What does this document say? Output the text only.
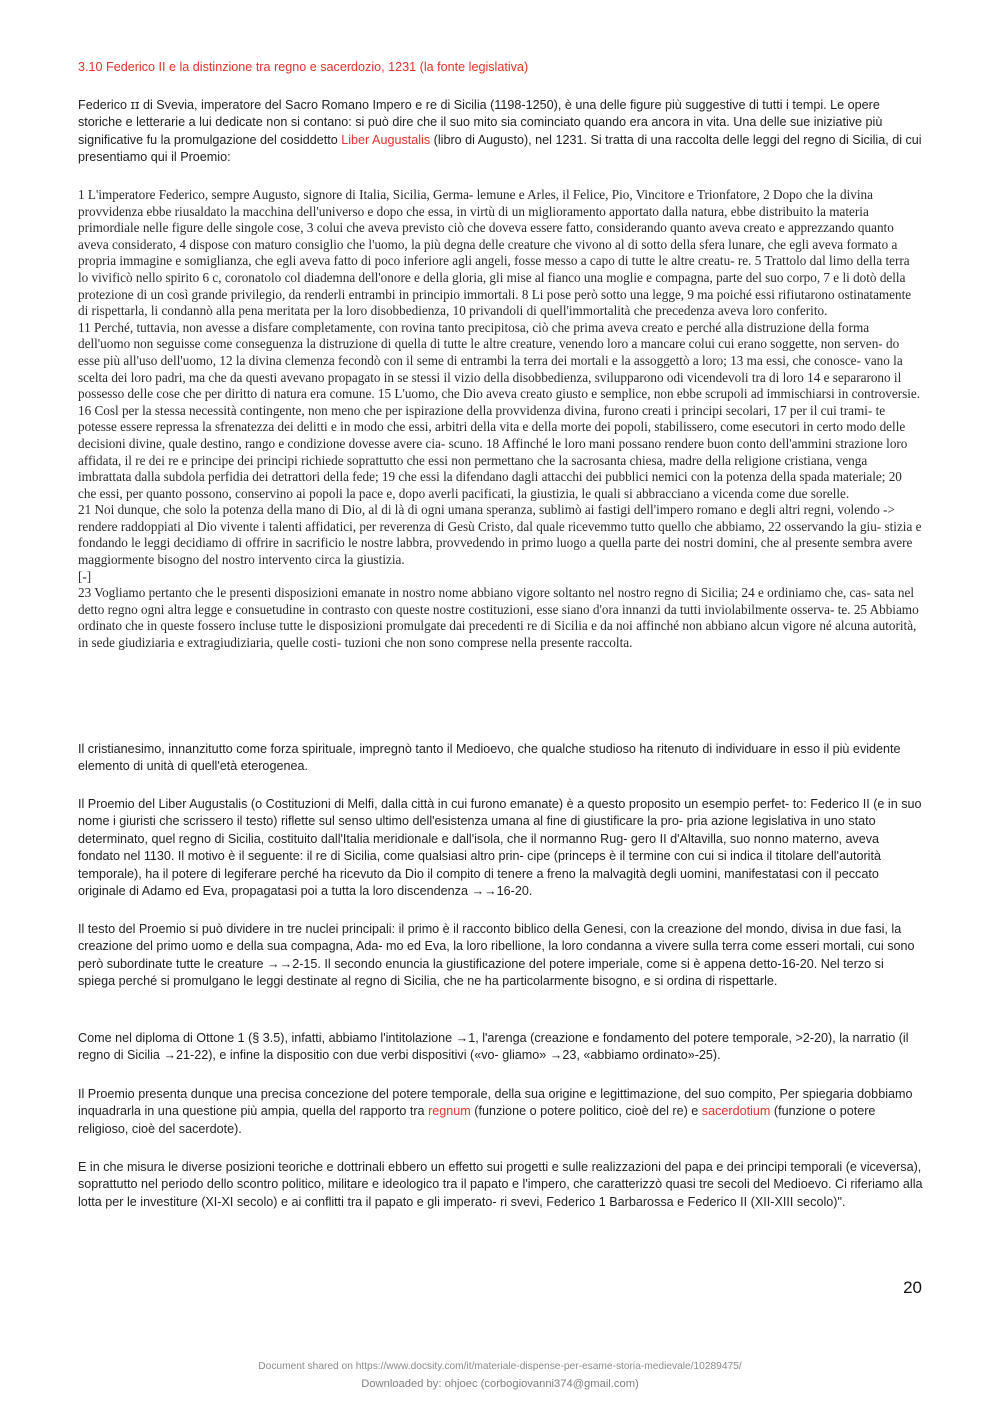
3.10 Federico II e la distinzione tra regno e sacerdozio, 1231 (la fonte legislativa)

Federico ɪɪ di Svevia, imperatore del Sacro Romano Impero e re di Sicilia (1198-1250), è una delle figure più suggestive di tutti i tempi. Le opere storiche e letterarie a lui dedicate non si contano: si può dire che il suo mito sia cominciato quando era ancora in vita. Una delle sue iniziative più significative fu la promulgazione del cosiddetto Liber Augustalis (libro di Augusto), nel 1231. Si tratta di una raccolta delle leggi del regno di Sicilia, di cui presentiamo qui il Proemio:

1 L'imperatore Federico, sempre Augusto, signore di Italia, Sicilia, Germa- lemune e Arles, il Felice, Pio, Vincitore e Trionfatore, 2 Dopo che la divina provvidenza ebbe riusaldato la macchina dell'universo e dopo che essa, in virtù di un miglioramento apportato dalla natura, ebbe distribuito la materia primordiale nelle figure delle singole cose, 3 colui che aveva previsto ciò che doveva essere fatto, considerando quanto aveva creato e apprezzando quanto aveva considerato, 4 dispose con maturo consiglio che l'uomo, la più degna delle creature che vivono al di sotto della sfera lunare, che egli aveva formato a propria immagine e somiglianza, che egli aveva fatto di poco inferiore agli angeli, fosse messo a capo di tutte le altre creatu- re. 5 Trattolo dal limo della terra lo vivificò nello spirito 6 c, coronatolo col diademna dell'onore e della gloria, gli mise al fianco una moglie e compagna, parte del suo corpo, 7 e li dotò della protezione di un così grande privilegio, da renderli entrambi in principio immortali. 8 Li pose però sotto una legge, 9 ma poiché essi rifiutarono ostinatamente di rispettarla, li condannò alla pena meritata per la loro disobbedienza, 10 privandoli di quell'immortalità che precedenza aveva loro conferito.

11 Perché, tuttavia, non avesse a disfare completamente, con rovina tanto precipitosa, ciò che prima aveva creato e perché alla distruzione della forma dell'uomo non seguisse come conseguenza la distruzione di quella di tutte le altre creature, venendo loro a mancare colui cui erano soggette, non serven- do esse più all'uso dell'uomo, 12 la divina clemenza fecondò con il seme di entrambi la terra dei mortali e la assoggettò a loro; 13 ma essi, che conosce- vano la scelta dei loro padri, ma che da questi avevano propagato in se stessi il vizio della disobbedienza, svilupparono odi vicendevoli tra di loro 14 e separarono il possesso delle cose che per diritto di natura era comune. 15 L'uomo, che Dio aveva creato giusto e semplice, non ebbe scrupoli ad immischiarsi in controversie.

16 Cosl per la stessa necessità contingente, non meno che per ispirazione della provvidenza divina, furono creati i principi secolari, 17 per il cui trami- te potesse essere repressa la sfrenatezza dei delitti e in modo che essi, arbitri della vita e della morte dei popoli, stabilissero, come esecutori in certo modo delle decisioni divine, quale destino, rango e condizione dovesse avere cia- scuno. 18 Affinché le loro mani possano rendere buon conto dell'ammini strazione loro affidata, il re dei re e principe dei principi richiede soprattutto che essi non permettano che la sacrosanta chiesa, madre della religione cristiana, venga imbrattata dalla subdola perfidia dei detrattori della fede; 19 che essi la difendano dagli attacchi dei pubblici nemici con la potenza della spada materiale; 20 che essi, per quanto possono, conservino ai popoli la pace e, dopo averli pacificati, la giustizia, le quali si abbracciano a vicenda come due sorelle.

21 Noi dunque, che solo la potenza della mano di Dio, al di là di ogni umana speranza, sublimò ai fastigi dell'impero romano e degli altri regni, volendo -> rendere raddoppiati al Dio vivente i talenti affidatici, per reverenza di Gesù Cristo, dal quale ricevemmo tutto quello che abbiamo, 22 osservando la giu- stizia e fondando le leggi decidiamo di offrire in sacrificio le nostre labbra, provvedendo in primo luogo a quella parte dei nostri domini, che al presente sembra avere maggiormente bisogno del nostro intervento circa la giustizia.

[-]

23 Vogliamo pertanto che le presenti disposizioni emanate in nostro nome abbiano vigore soltanto nel nostro regno di Sicilia; 24 e ordiniamo che, cas- sata nel detto regno ogni altra legge e consuetudine in contrasto con queste nostre costituzioni, esse siano d'ora innanzi da tutti inviolabilmente osserva- te. 25 Abbiamo ordinato che in queste fossero incluse tutte le disposizioni promulgate dai precedenti re di Sicilia e da noi affinché non abbiano alcun vigore né alcuna autorità, in sede giudiziaria e extragiudiziaria, quelle costi- tuzioni che non sono comprese nella presente raccolta.

Il cristianesimo, innanzitutto come forza spirituale, impregnò tanto il Medioevo, che qualche studioso ha ritenuto di individuare in esso il più evidente elemento di unità di quell'età eterogenea.

Il Proemio del Liber Augustalis (o Costituzioni di Melfi, dalla città in cui furono emanate) è a questo proposito un esempio perfet- to: Federico II (e in suo nome i giuristi che scrissero il testo) riflette sul senso ultimo dell'esistenza umana al fine di giustificare la pro- pria azione legislativa in uno stato determinato, quel regno di Sicilia, costituito dall'Italia meridionale e dall'isola, che il normanno Rug- gero II d'Altavilla, suo nonno materno, aveva fondato nel 1130. Il motivo è il seguente: il re di Sicilia, come qualsiasi altro prin- cipe (princeps è il termine con cui si indica il titolare dell'autorità temporale), ha il potere di legiferare perché ha ricevuto da Dio il compito di tenere a freno la malvagità degli uomini, manifestatasi con il peccato originale di Adamo ed Eva, propagatasi poi a tutta la loro discendenza →→16-20.

Il testo del Proemio si può dividere in tre nuclei principali: il primo è il racconto biblico della Genesi, con la creazione del mondo, divisa in due fasi, la creazione del primo uomo e della sua compagna, Ada- mo ed Eva, la loro ribellione, la loro condanna a vivere sulla terra come esseri mortali, cui sono però subordinate tutte le creature →→2-15. Il secondo enuncia la giustificazione del potere imperiale, come si è appena detto-16-20. Nel terzo si spiega perché si promulgano le leggi destinate al regno di Sicilia, che ne ha particolarmente bisogno, e si ordina di rispettarle.

Come nel diploma di Ottone 1 (§ 3.5), infatti, abbiamo l'intitolazione →1, l'arenga (creazione e fondamento del potere temporale, >2-20), la narratio (il regno di Sicilia →21-22), e infine la dispositio con due verbi dispositivi («vo- gliamo» →23, «abbiamo ordinato»-25).

Il Proemio presenta dunque una precisa concezione del potere temporale, della sua origine e legittimazione, del suo compito, Per spiegaria dobbiamo inquadrarla in una questione più ampia, quella del rapporto tra regnum (funzione o potere politico, cioè del re) e sacerdotium (funzione o potere religioso, cioè del sacerdote).

E in che misura le diverse posizioni teoriche e dottrinali ebbero un effetto sui progetti e sulle realizzazioni del papa e dei principi temporali (e viceversa), soprattutto nel periodo dello scontro politico, militare e ideologico tra il papato e l'impero, che caratterizzò quasi tre secoli del Medioevo. Ci riferiamo alla lotta per le investiture (XI-XI secolo) e ai conflitti tra il papato e gli imperato- ri svevi, Federico 1 Barbarossa e Federico II (XII-XIII secolo)".

20
Document shared on https://www.docsity.com/it/materiale-dispense-per-esame-storia-medievale/10289475/
Downloaded by: ohjoec (corbogiovanni374@gmail.com)
